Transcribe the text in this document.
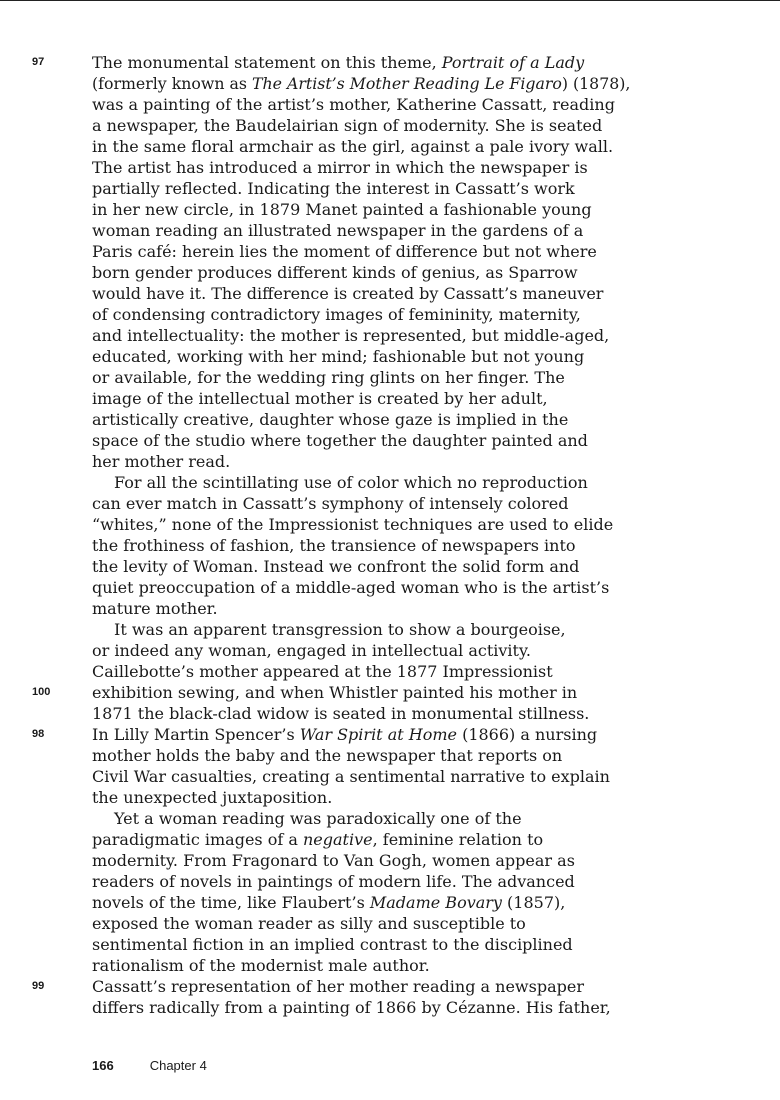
97	The monumental statement on this theme, Portrait of a Lady
(formerly known as The Artist’s Mother Reading Le Figaro) (1878),
was a painting of the artist’s mother, Katherine Cassatt, reading
a newspaper, the Baudelairian sign of modernity. She is seated
in the same floral armchair as the girl, against a pale ivory wall.
The artist has introduced a mirror in which the newspaper is
partially reflected. Indicating the interest in Cassatt’s work
in her new circle, in 1879 Manet painted a fashionable young
woman reading an illustrated newspaper in the gardens of a
Paris café: herein lies the moment of difference but not where
born gender produces different kinds of genius, as Sparrow
would have it. The difference is created by Cassatt’s maneuver
of condensing contradictory images of femininity, maternity,
and intellectuality: the mother is represented, but middle-aged,
educated, working with her mind; fashionable but not young
or available, for the wedding ring glints on her finger. The
image of the intellectual mother is created by her adult,
artistically creative, daughter whose gaze is implied in the
space of the studio where together the daughter painted and
her mother read.
For all the scintillating use of color which no reproduction
can ever match in Cassatt’s symphony of intensely colored
“whites,” none of the Impressionist techniques are used to elide
the frothiness of fashion, the transience of newspapers into
the levity of Woman. Instead we confront the solid form and
quiet preoccupation of a middle-aged woman who is the artist’s
mature mother.
It was an apparent transgression to show a bourgeoise,
or indeed any woman, engaged in intellectual activity.
Caillebotte’s mother appeared at the 1877 Impressionist
100	exhibition sewing, and when Whistler painted his mother in
1871 the black-clad widow is seated in monumental stillness.
98	In Lilly Martin Spencer’s War Spirit at Home (1866) a nursing
mother holds the baby and the newspaper that reports on
Civil War casualties, creating a sentimental narrative to explain
the unexpected juxtaposition.
Yet a woman reading was paradoxically one of the
paradigmatic images of a negative, feminine relation to
modernity. From Fragonard to Van Gogh, women appear as
readers of novels in paintings of modern life. The advanced
novels of the time, like Flaubert’s Madame Bovary (1857),
exposed the woman reader as silly and susceptible to
sentimental fiction in an implied contrast to the disciplined
rationalism of the modernist male author.
99	Cassatt’s representation of her mother reading a newspaper
differs radically from a painting of 1866 by Cézanne. His father,
166	Chapter 4
